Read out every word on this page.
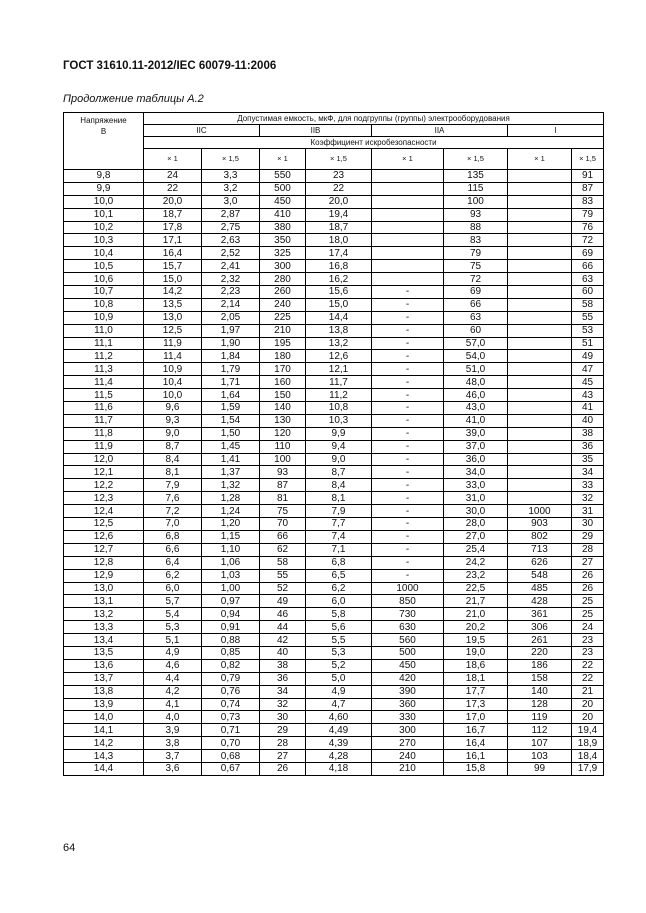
ГОСТ 31610.11-2012/IEC 60079-11:2006
Продолжение таблицы А.2
Напряжение
В	Допустимая емкость, мкФ, для подгруппы (группы) электрооборудования							
	IIC		IIB		IIA		I	
	Коэффициент искробезопасности							
	× 1	× 1,5	× 1	× 1,5	× 1	× 1,5	× 1	× 1,5
9,8	24	3,3	550	23		135		91
9,9	22	3,2	500	22		115		87
10,0	20,0	3,0	450	20,0		100		83
10,1	18,7	2,87	410	19,4		93		79
10,2	17,8	2,75	380	18,7		88		76
10,3	17,1	2,63	350	18,0		83		72
10,4	16,4	2,52	325	17,4		79		69
10,5	15,7	2,41	300	16,8		75		66
10,6	15,0	2,32	280	16,2		72		63
10,7	14,2	2,23	260	15,6	-	69		60
10,8	13,5	2,14	240	15,0	-	66		58
10,9	13,0	2,05	225	14,4	-	63		55
11,0	12,5	1,97	210	13,8	-	60		53
11,1	11,9	1,90	195	13,2	-	57,0		51
11,2	11,4	1,84	180	12,6	-	54,0		49
11,3	10,9	1,79	170	12,1	-	51,0		47
11,4	10,4	1,71	160	11,7	-	48,0		45
11,5	10,0	1,64	150	11,2	-	46,0		43
11,6	9,6	1,59	140	10,8	-	43,0		41
11,7	9,3	1,54	130	10,3	-	41,0		40
11,8	9,0	1,50	120	9,9	-	39,0		38
11,9	8,7	1,45	110	9,4	-	37,0		36
12,0	8,4	1,41	100	9,0	-	36,0		35
12,1	8,1	1,37	93	8,7	-	34,0		34
12,2	7,9	1,32	87	8,4	-	33,0		33
12,3	7,6	1,28	81	8,1	-	31,0		32
12,4	7,2	1,24	75	7,9	-	30,0	1000	31
12,5	7,0	1,20	70	7,7	-	28,0	903	30
12,6	6,8	1,15	66	7,4	-	27,0	802	29
12,7	6,6	1,10	62	7,1	-	25,4	713	28
12,8	6,4	1,06	58	6,8	-	24,2	626	27
12,9	6,2	1,03	55	6,5	-	23,2	548	26
13,0	6,0	1,00	52	6,2	1000	22,5	485	26
13,1	5,7	0,97	49	6,0	850	21,7	428	25
13,2	5,4	0,94	46	5,8	730	21,0	361	25
13,3	5,3	0,91	44	5,6	630	20,2	306	24
13,4	5,1	0,88	42	5,5	560	19,5	261	23
13,5	4,9	0,85	40	5,3	500	19,0	220	23
13,6	4,6	0,82	38	5,2	450	18,6	186	22
13,7	4,4	0,79	36	5,0	420	18,1	158	22
13,8	4,2	0,76	34	4,9	390	17,7	140	21
13,9	4,1	0,74	32	4,7	360	17,3	128	20
14,0	4,0	0,73	30	4,60	330	17,0	119	20
14,1	3,9	0,71	29	4,49	300	16,7	112	19,4
14,2	3,8	0,70	28	4,39	270	16,4	107	18,9
14,3	3,7	0,68	27	4,28	240	16,1	103	18,4
14,4	3,6	0,67	26	4,18	210	15,8	99	17,9
64
